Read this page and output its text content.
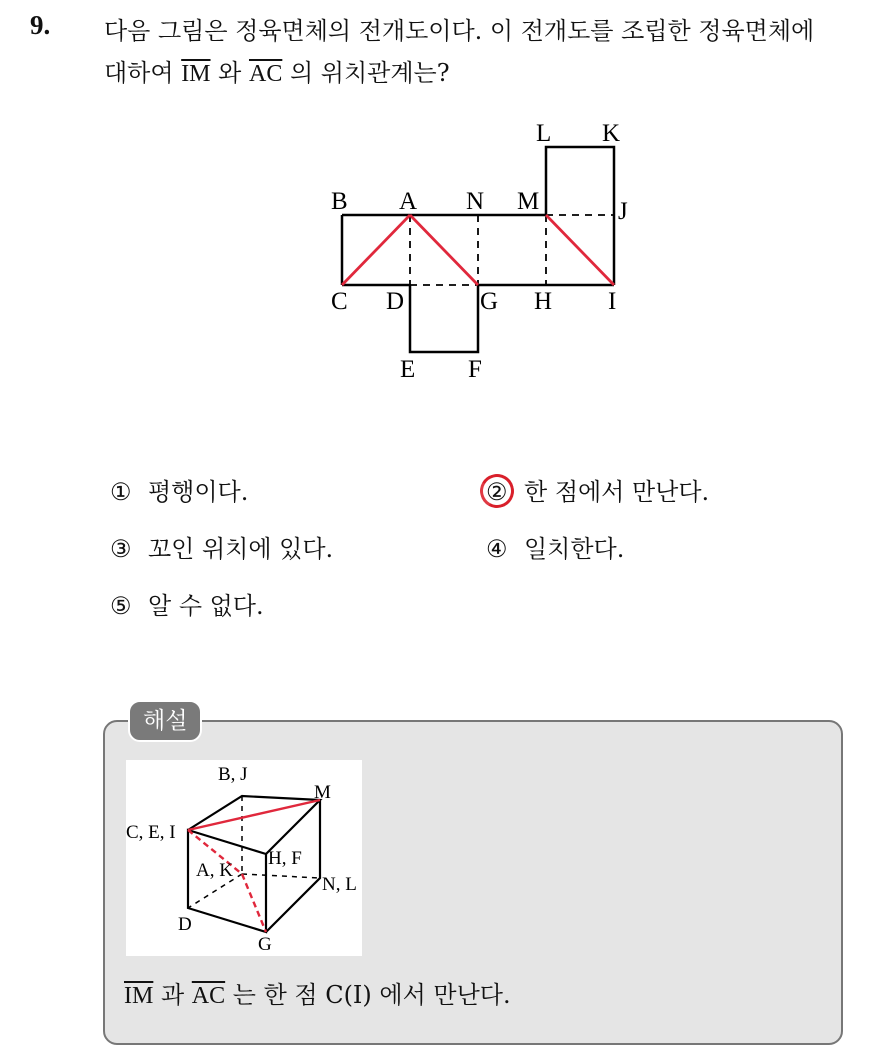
9. 다음 그림은 정육면체의 전개도이다. 이 전개도를 조립한 정육면체에
대하여 $\overline{IM}$ 와 $\overline{AC}$ 의 위치관계는?
L K
B A N M	J
C D	G H I
E F
① 평행이다.	② 한 점에서 만난다.
③ 꼬인 위치에 있다.	④ 일치한다.
⑤ 알 수 없다.
해설
B, J
M
C, E, I
H, F
A, K
N, L
D
G
$\overline{IM}$ 과 $\overline{AC}$ 는 한 점 C(I) 에서 만난다.
